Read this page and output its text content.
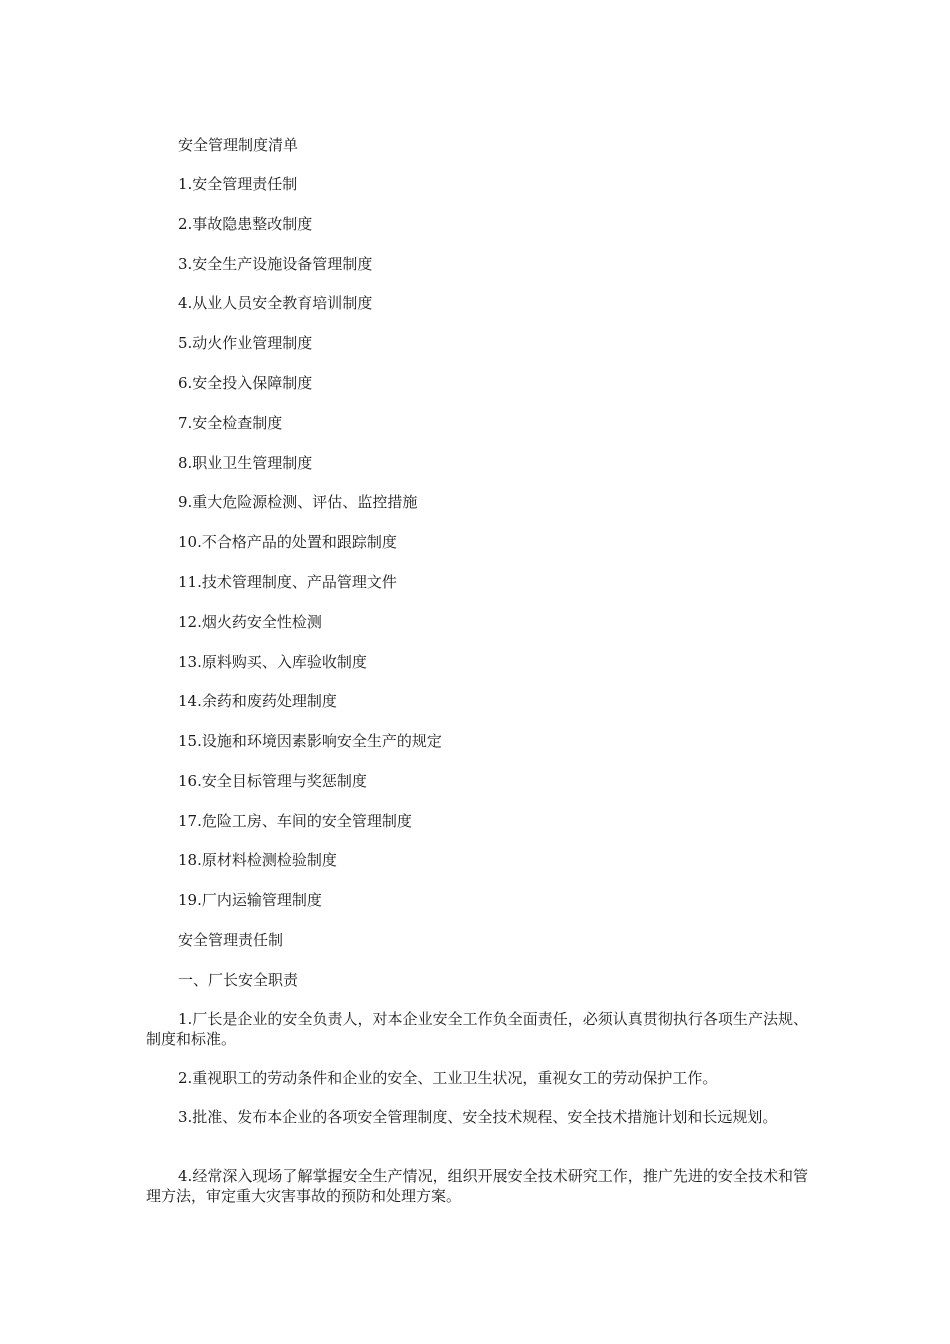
安全管理制度清单
1.安全管理责任制
2.事故隐患整改制度
3.安全生产设施设备管理制度
4.从业人员安全教育培训制度
5.动火作业管理制度
6.安全投入保障制度
7.安全检查制度
8.职业卫生管理制度
9.重大危险源检测、评估、监控措施
10.不合格产品的处置和跟踪制度
11.技术管理制度、产品管理文件
12.烟火药安全性检测
13.原料购买、入库验收制度
14.余药和废药处理制度
15.设施和环境因素影响安全生产的规定
16.安全目标管理与奖惩制度
17.危险工房、车间的安全管理制度
18.原材料检测检验制度
19.厂内运输管理制度
安全管理责任制
一、厂长安全职责
1.厂长是企业的安全负责人，对本企业安全工作负全面责任，必须认真贯彻执行各项生产法规、制度和标准。
2.重视职工的劳动条件和企业的安全、工业卫生状况，重视女工的劳动保护工作。
3.批准、发布本企业的各项安全管理制度、安全技术规程、安全技术措施计划和长远规划。
4.经常深入现场了解掌握安全生产情况，组织开展安全技术研究工作，推广先进的安全技术和管理方法，审定重大灾害事故的预防和处理方案。
